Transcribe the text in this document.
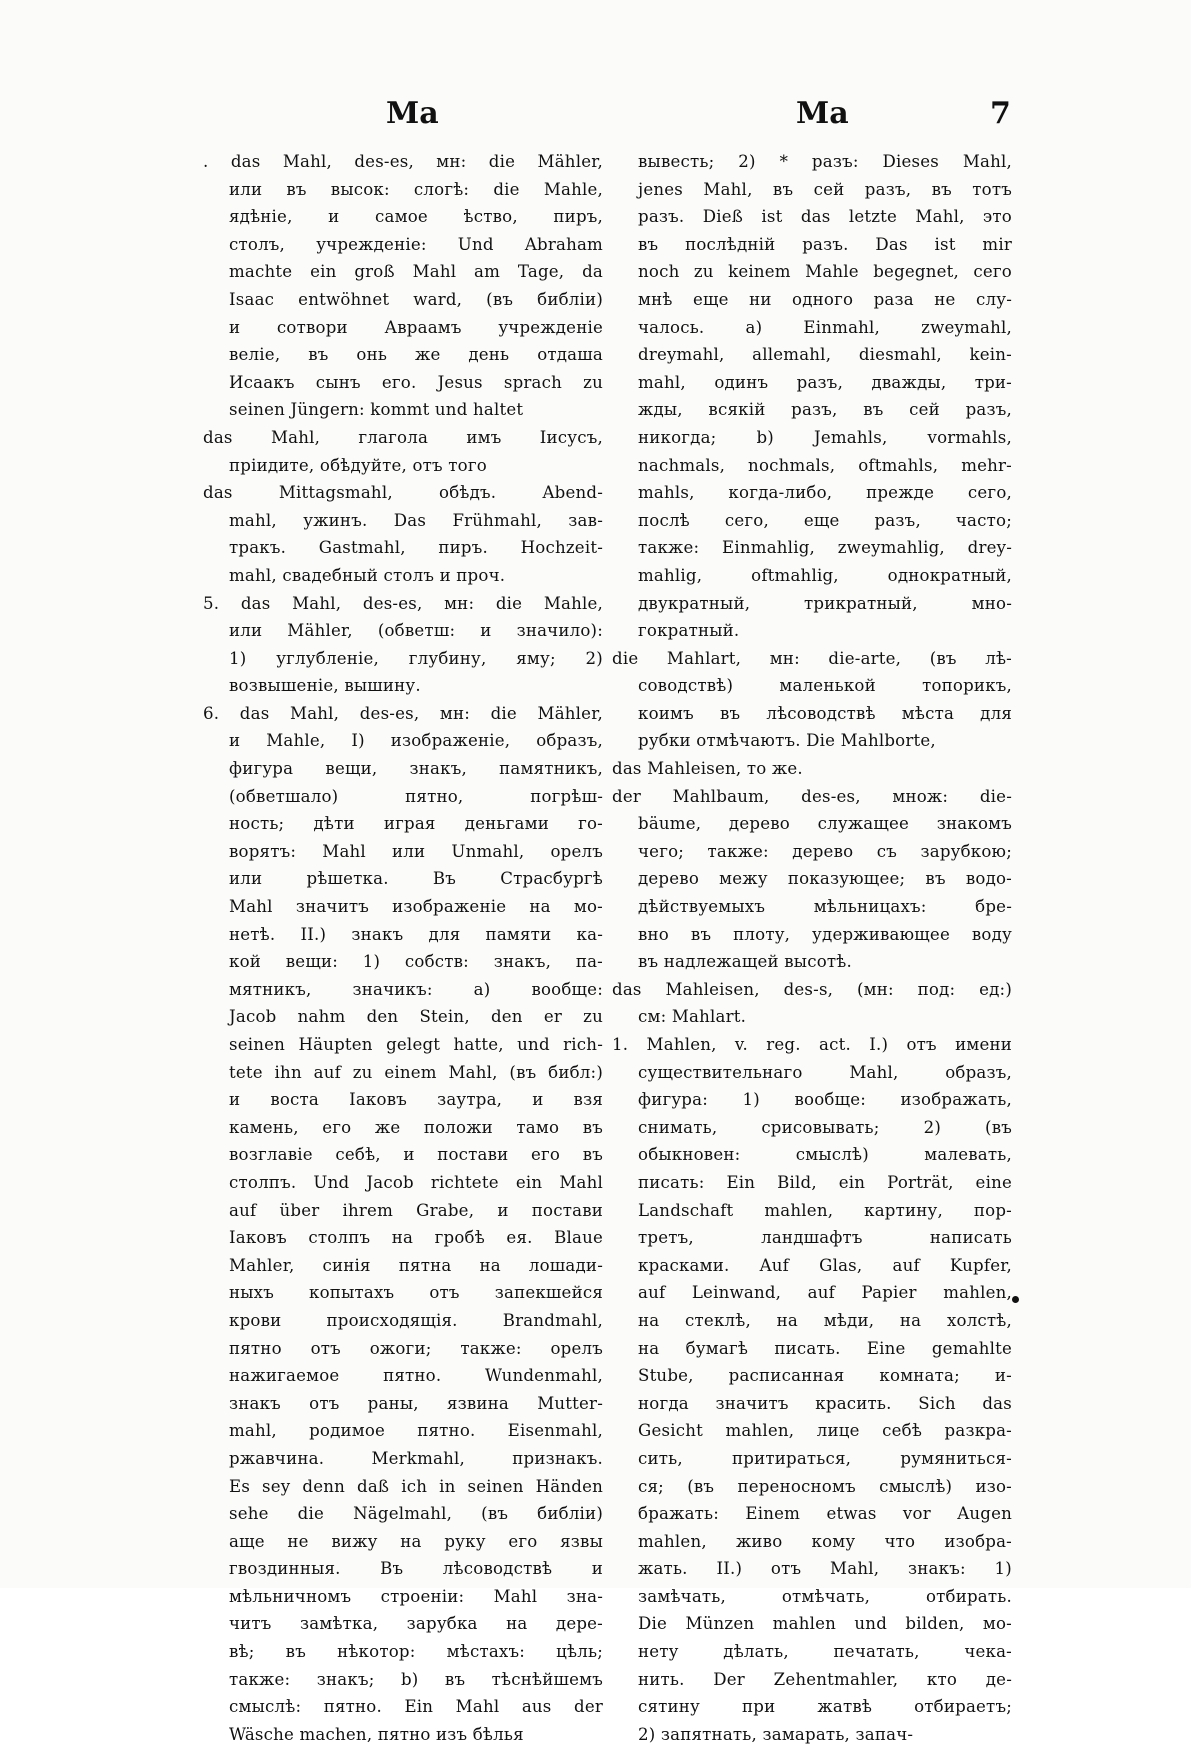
Ma	Ma	7
. das Mahl, des-es, мн: die Mähler,
или въ высок: слогѣ: die Mahle,
ядѣніе, и самое ѣство, пиръ,
столъ, учрежденіе: Und Abraham
machte ein groß Mahl am Tage, da
Isaac entwöhnet ward, (въ библіи)
и сотвори Авраамъ учрежденіе
веліе, въ онь же день отдаша
Исаакъ сынъ его. Jesus sprach zu
seinen Jüngern: kommt und haltet
das Mahl, глагола имъ Іисусъ,
пріидите, обѣдуйте, отъ того
das Mittagsmahl, обѣдъ. Abend-
mahl, ужинъ. Das Frühmahl, зав-
тракъ. Gastmahl, пиръ. Hochzeit-
mahl, свадебный столъ и проч.
5. das Mahl, des-es, мн: die Mahle,
или Mähler, (обветш: и значило):
1) углубленіе, глубину, яму; 2)
возвышеніе, вышину.
6. das Mahl, des-es, мн: die Mähler,
и Mahle, I) изображеніе, образъ,
фигура вещи, знакъ, памятникъ,
(обветшало) пятно, погрѣш-
ность; дѣти играя деньгами го-
ворятъ: Mahl или Unmahl, орелъ
или рѣшетка. Въ Страсбургѣ
Mahl значитъ изображеніе на мо-
нетѣ. II.) знакъ для памяти ка-
кой вещи: 1) собств: знакъ, па-
мятникъ, значикъ: a) вообще:
Jacob nahm den Stein, den er zu
seinen Häupten gelegt hatte, und rich-
tete ihn auf zu einem Mahl, (въ библ:)
и воста Іаковъ заутра, и взя
камень, его же положи тамо въ
возглавіе себѣ, и постави его въ
столпъ. Und Jacob richtete ein Mahl
auf über ihrem Grabe, и постави
Іаковъ столпъ на гробѣ ея. Blaue
Mahler, синія пятна на лошади-
ныхъ копытахъ отъ запекшейся
крови происходящія. Brandmahl,
пятно отъ ожоги; также: орелъ
нажигаемое пятно. Wundenmahl,
знакъ отъ раны, язвина Mutter-
mahl, родимое пятно. Eisenmahl,
ржавчина. Merkmahl, признакъ.
Es sey denn daß ich in seinen Händen
sehe die Nägelmahl, (въ библіи)
аще не вижу на руку его язвы
гвоздинныя. Въ лѣсоводствѣ и
мѣльничномъ строеніи: Mahl зна-
читъ замѣтка, зарубка на дере-
вѣ; въ нѣкотор: мѣстахъ: цѣль;
также: знакъ; b) въ тѣснѣйшемъ
смыслѣ: пятно. Ein Mahl aus der
Wäsche machen, пятно изъ бѣлья
вывесть; 2) * разъ: Dieses Mahl,
jenes Mahl, въ сей разъ, въ тотъ
разъ. Dieß ist das letzte Mahl, это
въ послѣдній разъ. Das ist mir
noch zu keinem Mahle begegnet, сего
мнѣ еще ни одного раза не слу-
чалось. a) Einmahl, zweymahl,
dreymahl, allemahl, diesmahl, kein-
mahl, одинъ разъ, дважды, три-
жды, всякій разъ, въ сей разъ,
никогда; b) Jemahls, vormahls,
nachmals, nochmals, oftmahls, mehr-
mahls, когда-либо, прежде сего,
послѣ сего, еще разъ, часто;
также: Einmahlig, zweymahlig, drey-
mahlig, oftmahlig, однократный,
двукратный, трикратный, мно-
гократный.
die Mahlart, мн: die-arte, (въ лѣ-
соводствѣ) маленькой топорикъ,
коимъ въ лѣсоводствѣ мѣста для
рубки отмѣчаютъ. Die Mahlborte,
das Mahleisen, то же.
der Mahlbaum, des-es, множ: die-
bäume, дерево служащее знакомъ
чего; также: дерево съ зарубкою;
дерево межу показующее; въ водо-
дѣйствуемыхъ мѣльницахъ: бре-
вно въ плоту, удерживающее воду
въ надлежащей высотѣ.
das Mahleisen, des-s, (мн: под: ед:)
см: Mahlart.
1. Mahlen, v. reg. act. I.) отъ имени
существительнаго Mahl, образъ,
фигура: 1) вообще: изображать,
снимать, срисовывать; 2) (въ
обыкновен: смыслѣ) малевать,
писать: Ein Bild, ein Porträt, eine
Landschaft mahlen, картину, пор-
третъ, ландшафтъ написать
красками. Auf Glas, auf Kupfer,
auf Leinwand, auf Papier mahlen,
на стеклѣ, на мѣди, на холстѣ,
на бумагѣ писать. Eine gemahlte
Stube, расписанная комната; и-
ногда значитъ красить. Sich das
Gesicht mahlen, лице себѣ разкра-
сить, притираться, румяниться-
ся; (въ переносномъ смыслѣ) изо-
бражать: Einem etwas vor Augen
mahlen, живо кому что изобра-
жать. II.) отъ Mahl, знакъ: 1)
замѣчать, отмѣчать, отбирать.
Die Münzen mahlen und bilden, мо-
нету дѣлать, печатать, чека-
нить. Der Zehentmahler, кто де-
сятину при жатвѣ отбираетъ;
2) запятнать, замарать, запач-
